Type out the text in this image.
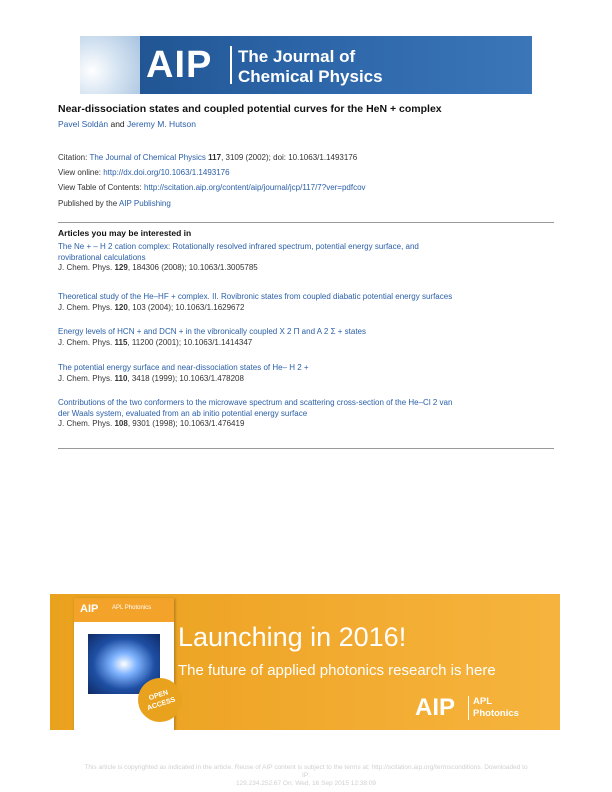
AIP The Journal of
Chemical Physics
Near-dissociation states and coupled potential curves for the HeN + complex
Pavel Soldán and Jeremy M. Hutson
Citation: The Journal of Chemical Physics 117, 3109 (2002); doi: 10.1063/1.1493176
View online: http://dx.doi.org/10.1063/1.1493176
View Table of Contents: http://scitation.aip.org/content/aip/journal/jcp/117/7?ver=pdfcov
Published by the AIP Publishing
Articles you may be interested in
The Ne + – H 2 cation complex: Rotationally resolved infrared spectrum, potential energy surface, and
rovibrational calculations
J. Chem. Phys. 129, 184306 (2008); 10.1063/1.3005785
Theoretical study of the He–HF + complex. II. Rovibronic states from coupled diabatic potential energy surfaces
J. Chem. Phys. 120, 103 (2004); 10.1063/1.1629672
Energy levels of HCN + and DCN + in the vibronically coupled X 2 Π and A 2 Σ + states
J. Chem. Phys. 115, 11200 (2001); 10.1063/1.1414347
The potential energy surface and near-dissociation states of He– H 2 +
J. Chem. Phys. 110, 3418 (1999); 10.1063/1.478208
Contributions of the two conformers to the microwave spectrum and scattering cross-section of the He–Cl 2 van
der Waals system, evaluated from an ab initio potential energy surface
J. Chem. Phys. 108, 9301 (1998); 10.1063/1.476419
AIP APL Photonics
OPEN ACCESS
Launching in 2016!
The future of applied photonics research is here
AIP APL
Photonics
This article is copyrighted as indicated in the article. Reuse of AIP content is subject to the terms at: http://scitation.aip.org/termsconditions. Downloaded to IP:
129.234.252.67 On: Wed, 16 Sep 2015 12:38:09
